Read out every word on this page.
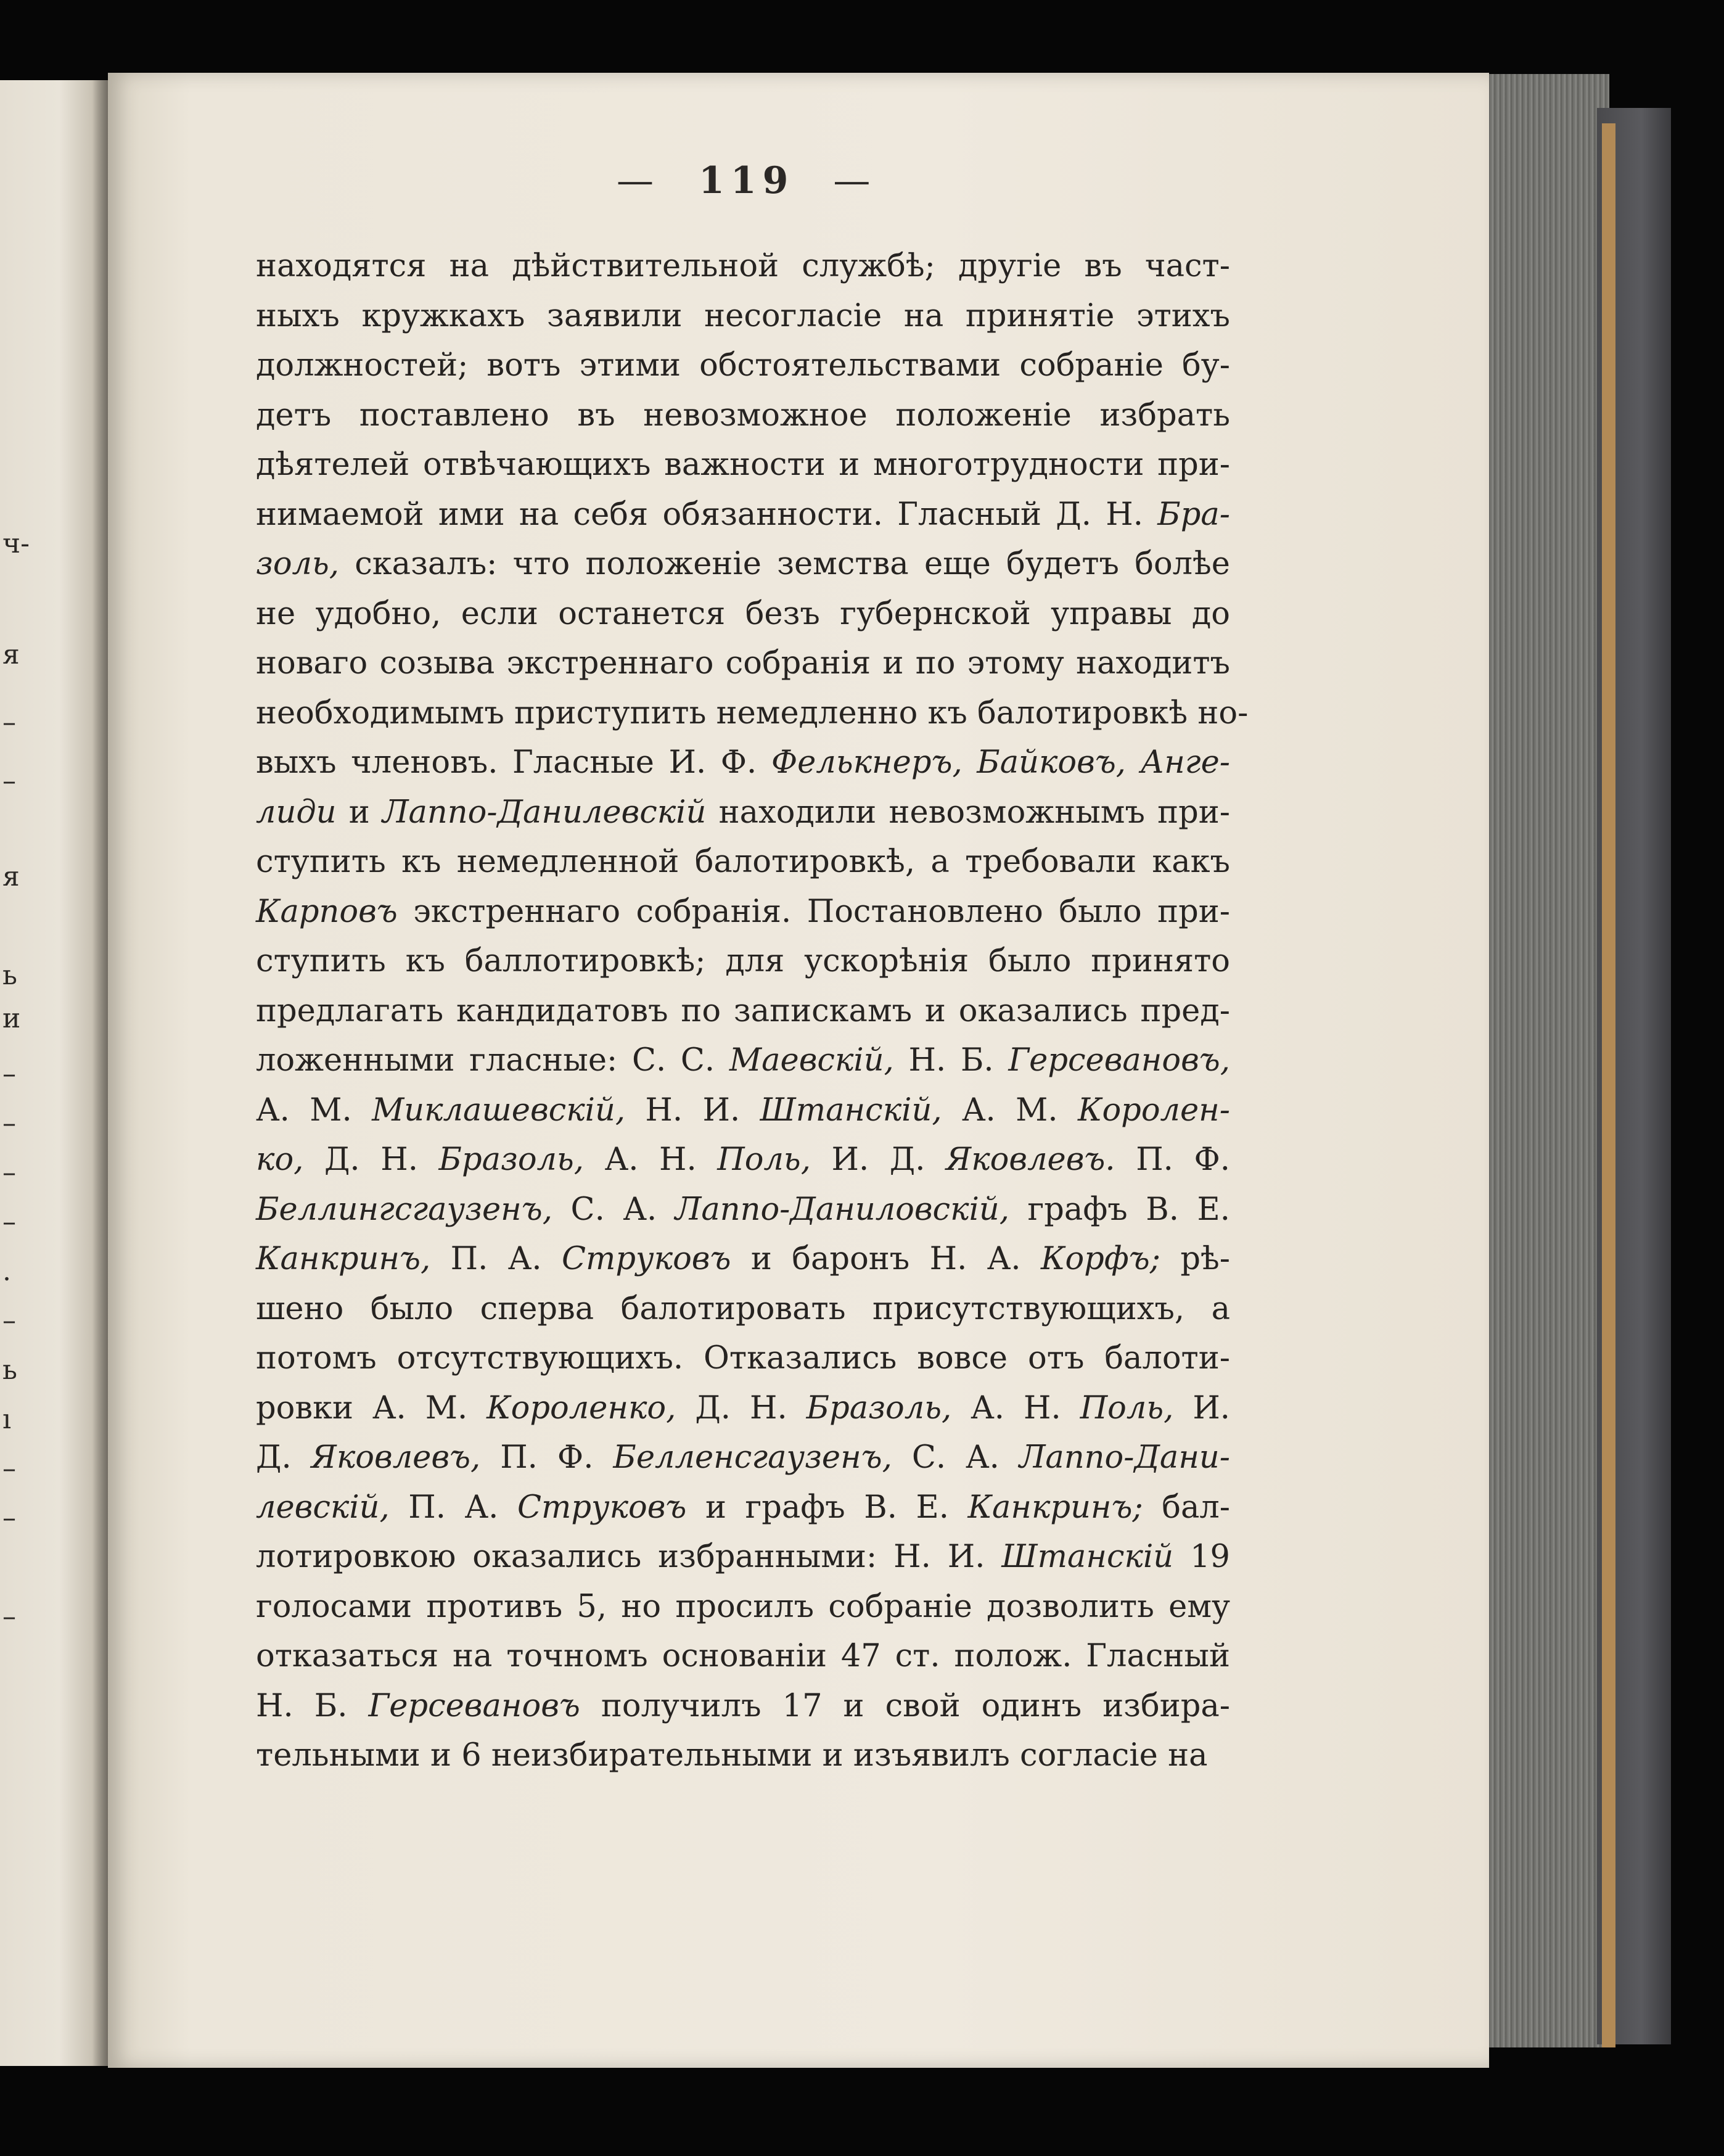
ч-
я
–
–
я
ь
и
–
–
–
–
.
–
ь
ı
–
–
–
— 119 —
находятся на дѣйствительной службѣ; другіе въ част-
ныхъ кружкахъ заявили несогласіе на принятіе этихъ
должностей; вотъ этими обстоятельствами собраніе бу-
детъ поставлено въ невозможное положеніе избрать
дѣятелей отвѣчающихъ важности и многотрудности при-
нимаемой ими на себя обязанности. Гласный Д. Н. Бра-
золь, сказалъ: что положеніе земства еще будетъ болѣе
не удобно, если останется безъ губернской управы до
новаго созыва экстреннаго собранія и по этому находитъ
необходимымъ приступить немедленно къ балотировкѣ но-
выхъ членовъ. Гласные И. Ф. Фелькнеръ, Байковъ, Анге-
лиди и Лаппо-Данилевскій находили невозможнымъ при-
ступить къ немедленной балотировкѣ, а требовали какъ
Карповъ экстреннаго собранія. Постановлено было при-
ступить къ баллотировкѣ; для ускорѣнія было принято
предлагать кандидатовъ по запискамъ и оказались пред-
ложенными гласные: С. С. Маевскій, Н. Б. Герсевановъ,
А. М. Миклашевскій, Н. И. Штанскій, А. М. Королен-
ко, Д. Н. Бразоль, А. Н. Поль, И. Д. Яковлевъ. П. Ф.
Беллингсгаузенъ, С. А. Лаппо-Даниловскій, графъ В. Е.
Канкринъ, П. А. Струковъ и баронъ Н. А. Корфъ; рѣ-
шено было сперва балотировать присутствующихъ, а
потомъ отсутствующихъ. Отказались вовсе отъ балоти-
ровки А. М. Короленко, Д. Н. Бразоль, А. Н. Поль, И.
Д. Яковлевъ, П. Ф. Белленсгаузенъ, С. А. Лаппо-Дани-
левскій, П. А. Струковъ и графъ В. Е. Канкринъ; бал-
лотировкою оказались избранными: Н. И. Штанскій 19
голосами противъ 5, но просилъ собраніе дозволить ему
отказаться на точномъ основаніи 47 ст. полож. Гласный
Н. Б. Герсевановъ получилъ 17 и свой одинъ избира-
тельными и 6 неизбирательными и изъявилъ согласіе на
